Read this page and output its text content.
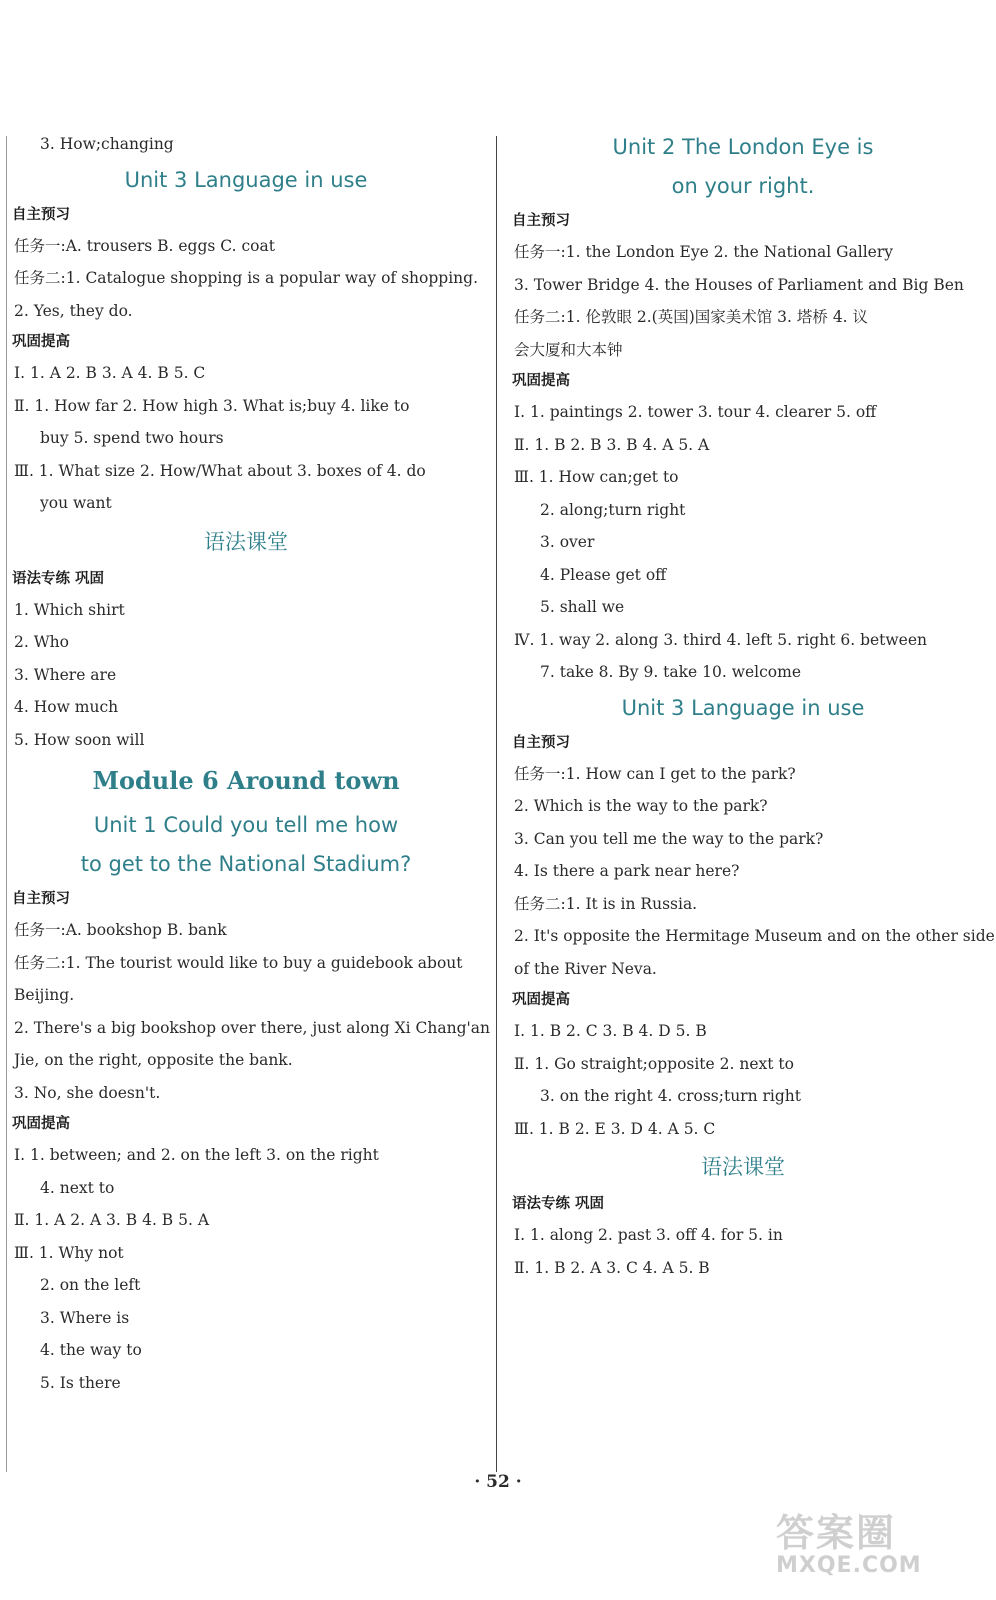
3. How;changing
Unit 3 Language in use
自主预习
任务一:A. trousers B. eggs C. coat
任务二:1. Catalogue shopping is a popular way of shopping.
2. Yes, they do.
巩固提高
Ⅰ. 1. A 2. B 3. A 4. B 5. C
Ⅱ. 1. How far 2. How high 3. What is;buy 4. like to
buy 5. spend two hours
Ⅲ. 1. What size 2. How/What about 3. boxes of 4. do
you want
语法课堂
语法专练 巩固
1. Which shirt
2. Who
3. Where are
4. How much
5. How soon will
Module 6 Around town
Unit 1 Could you tell me how
to get to the National Stadium?
自主预习
任务一:A. bookshop B. bank
任务二:1. The tourist would like to buy a guidebook about
Beijing.
2. There's a big bookshop over there, just along Xi Chang'an
Jie, on the right, opposite the bank.
3. No, she doesn't.
巩固提高
Ⅰ. 1. between; and 2. on the left 3. on the right
4. next to
Ⅱ. 1. A 2. A 3. B 4. B 5. A
Ⅲ. 1. Why not
2. on the left
3. Where is
4. the way to
5. Is there
Unit 2 The London Eye is
on your right.
自主预习
任务一:1. the London Eye 2. the National Gallery
3. Tower Bridge 4. the Houses of Parliament and Big Ben
任务二:1. 伦敦眼 2.(英国)国家美术馆 3. 塔桥 4. 议
会大厦和大本钟
巩固提高
Ⅰ. 1. paintings 2. tower 3. tour 4. clearer 5. off
Ⅱ. 1. B 2. B 3. B 4. A 5. A
Ⅲ. 1. How can;get to
2. along;turn right
3. over
4. Please get off
5. shall we
Ⅳ. 1. way 2. along 3. third 4. left 5. right 6. between
7. take 8. By 9. take 10. welcome
Unit 3 Language in use
自主预习
任务一:1. How can I get to the park?
2. Which is the way to the park?
3. Can you tell me the way to the park?
4. Is there a park near here?
任务二:1. It is in Russia.
2. It's opposite the Hermitage Museum and on the other side
of the River Neva.
巩固提高
Ⅰ. 1. B 2. C 3. B 4. D 5. B
Ⅱ. 1. Go straight;opposite 2. next to
3. on the right 4. cross;turn right
Ⅲ. 1. B 2. E 3. D 4. A 5. C
语法课堂
语法专练 巩固
Ⅰ. 1. along 2. past 3. off 4. for 5. in
Ⅱ. 1. B 2. A 3. C 4. A 5. B
· 52 ·
答案圈
MXQE.COM
